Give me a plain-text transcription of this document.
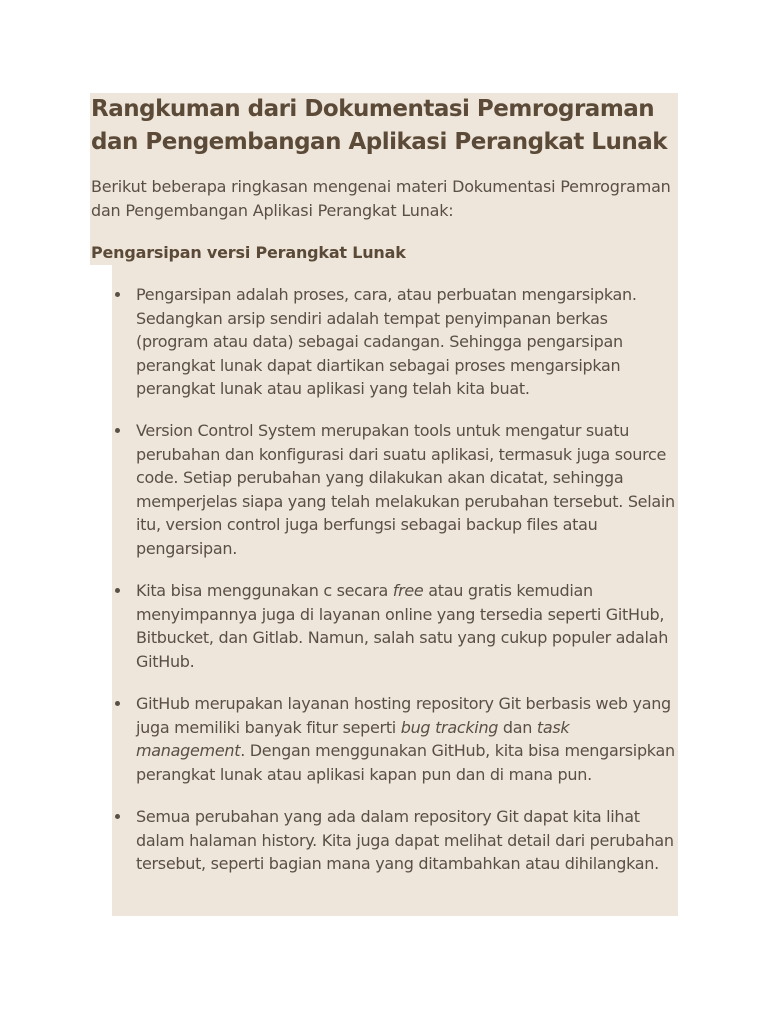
Rangkuman dari Dokumentasi Pemrograman dan Pengembangan Aplikasi Perangkat Lunak

Berikut beberapa ringkasan mengenai materi Dokumentasi Pemrograman dan Pengembangan Aplikasi Perangkat Lunak:

Pengarsipan versi Perangkat Lunak
Pengarsipan adalah proses, cara, atau perbuatan mengarsipkan. Sedangkan arsip sendiri adalah tempat penyimpanan berkas (program atau data) sebagai cadangan. Sehingga pengarsipan perangkat lunak dapat diartikan sebagai proses mengarsipkan perangkat lunak atau aplikasi yang telah kita buat.
Version Control System merupakan tools untuk mengatur suatu perubahan dan konfigurasi dari suatu aplikasi, termasuk juga source code. Setiap perubahan yang dilakukan akan dicatat, sehingga memperjelas siapa yang telah melakukan perubahan tersebut. Selain itu, version control juga berfungsi sebagai backup files atau pengarsipan.
Kita bisa menggunakan c secara free atau gratis kemudian menyimpannya juga di layanan online yang tersedia seperti GitHub, Bitbucket, dan Gitlab. Namun, salah satu yang cukup populer adalah GitHub.
GitHub merupakan layanan hosting repository Git berbasis web yang juga memiliki banyak fitur seperti bug tracking dan task management. Dengan menggunakan GitHub, kita bisa mengarsipkan perangkat lunak atau aplikasi kapan pun dan di mana pun.
Semua perubahan yang ada dalam repository Git dapat kita lihat dalam halaman history. Kita juga dapat melihat detail dari perubahan tersebut, seperti bagian mana yang ditambahkan atau dihilangkan.
